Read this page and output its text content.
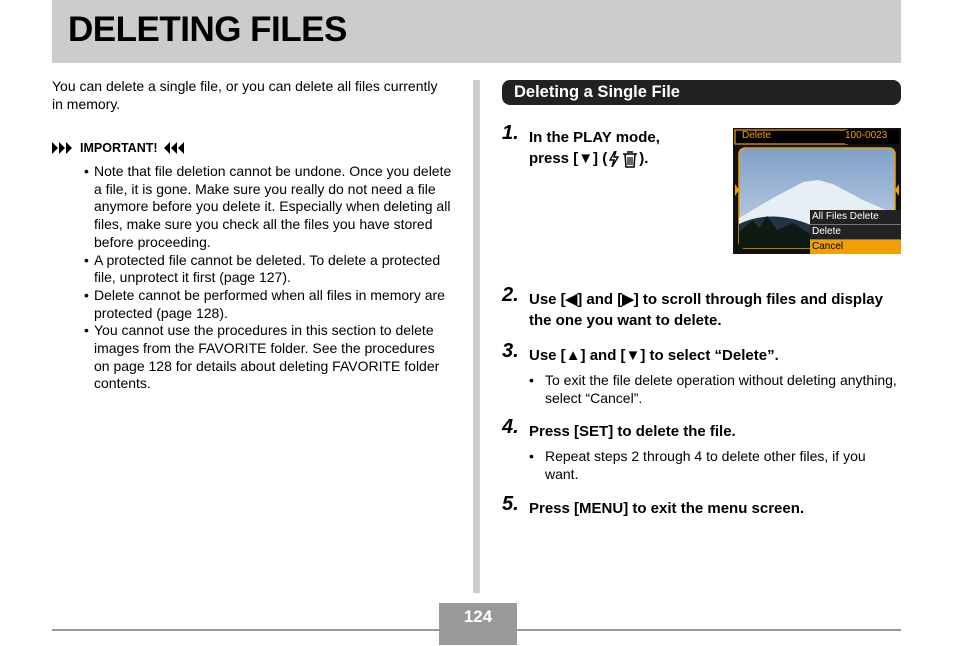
DELETING FILES

You can delete a single file, or you can delete all files currently in memory.

IMPORTANT!
• Note that file deletion cannot be undone. Once you delete a file, it is gone. Make sure you really do not need a file anymore before you delete it. Especially when deleting all files, make sure you check all the files you have stored before proceeding.
• A protected file cannot be deleted. To delete a protected file, unprotect it first (page 127).
• Delete cannot be performed when all files in memory are protected (page 128).
• You cannot use the procedures in this section to delete images from the FAVORITE folder. See the procedures on page 128 for details about deleting FAVORITE folder contents.
Deleting a Single File
1. In the PLAY mode,
press [▼] ( ).
Delete	100-0023
All Files Delete
Delete
Cancel
2. Use [◀] and [▶] to scroll through files and display the one you want to delete.
3. Use [▲] and [▼] to select “Delete”.
• To exit the file delete operation without deleting anything, select “Cancel”.
4. Press [SET] to delete the file.
• Repeat steps 2 through 4 to delete other files, if you want.
5. Press [MENU] to exit the menu screen.
124
